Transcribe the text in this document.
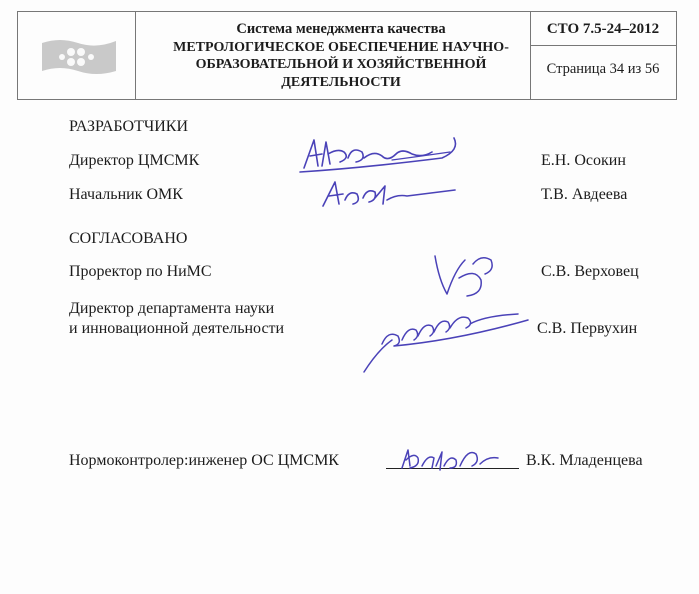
Система менеджмента качества
МЕТРОЛОГИЧЕСКОЕ ОБЕСПЕЧЕНИЕ НАУЧНО-
ОБРАЗОВАТЕЛЬНОЙ И ХОЗЯЙСТВЕННОЙ
ДЕЯТЕЛЬНОСТИ
СТО 7.5-24–2012
Страница 34 из 56
РАЗРАБОТЧИКИ
Директор ЦМСМК	Е.Н. Осокин
Начальник ОМК	Т.В. Авдеева
СОГЛАСОВАНО
Проректор по НиМС	С.В. Верховец
Директор департамента науки
и инновационной деятельности	С.В. Первухин
Нормоконтролер:инженер ОС ЦМСМК	В.К. Младенцева
